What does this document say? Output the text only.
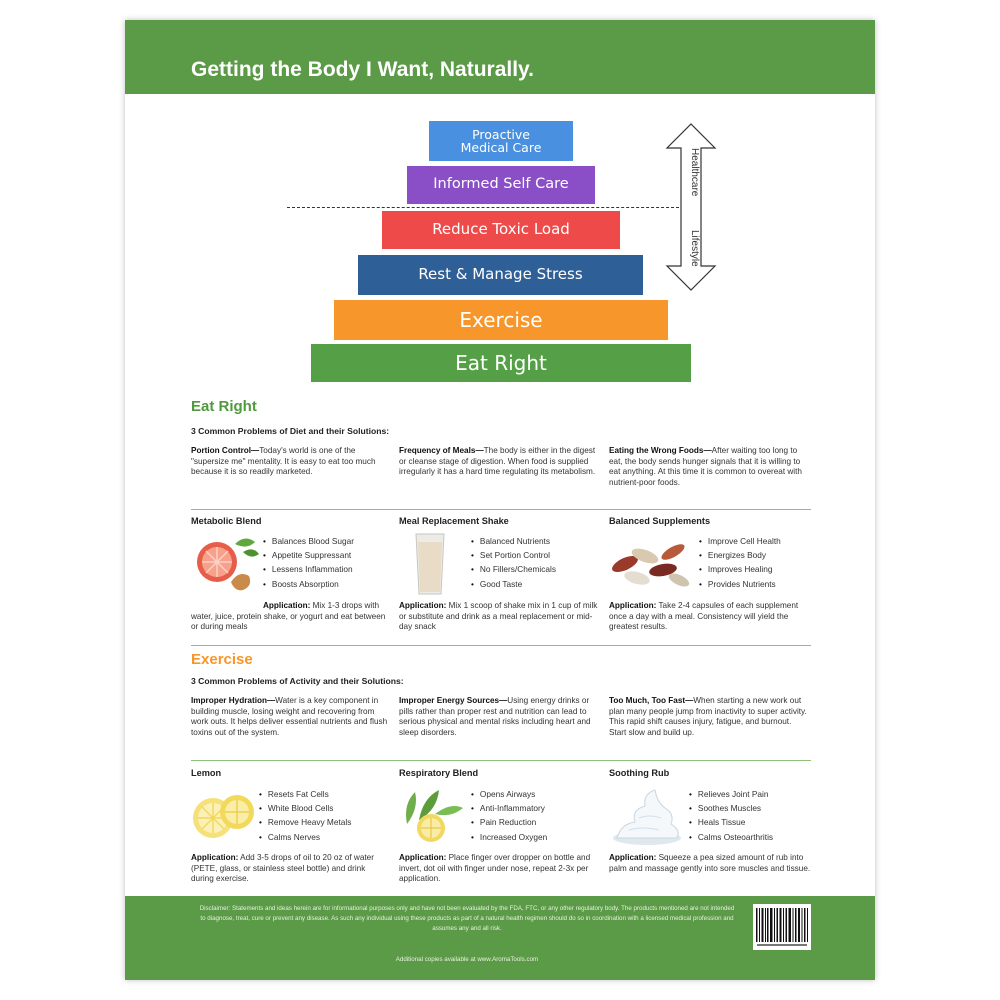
Getting the Body I Want, Naturally.
Proactive
Medical Care
Informed Self Care
Reduce Toxic Load
Rest & Manage Stress
Exercise
Eat Right
Healthcare
Lifestyle
Eat Right
3 Common Problems of Diet and their Solutions:
Portion Control—Today's world is one of the "supersize me" mentality. It is easy to eat too much because it is so readily marketed.
Frequency of Meals—The body is either in the digest or cleanse stage of digestion. When food is supplied irregularly it has a hard time regulating its metabolism.
Eating the Wrong Foods—After waiting too long to eat, the body sends hunger signals that it is willing to eat anything. At this time it is common to overeat with nutrient-poor foods.
Metabolic Blend
• Balances Blood Sugar
• Appetite Suppressant
• Lessens Inflammation
• Boosts Absorption
Application: Mix 1-3 drops with water, juice, protein shake, or yogurt and eat between or during meals
Meal Replacement Shake
• Balanced Nutrients
• Set Portion Control
• No Fillers/Chemicals
• Good Taste
Application: Mix 1 scoop of shake mix in 1 cup of milk or substitute and drink as a meal replacement or mid-day snack
Balanced Supplements
• Improve Cell Health
• Energizes Body
• Improves Healing
• Provides Nutrients
Application: Take 2-4 capsules of each supplement once a day with a meal. Consistency will yield the greatest results.
Exercise
3 Common Problems of Activity and their Solutions:
Improper Hydration—Water is a key component in building muscle, losing weight and recovering from work outs. It helps deliver essential nutrients and flush toxins out of the system.
Improper Energy Sources—Using energy drinks or pills rather than proper rest and nutrition can lead to serious physical and mental risks including heart and sleep disorders.
Too Much, Too Fast—When starting a new work out plan many people jump from inactivity to super activity. This rapid shift causes injury, fatigue, and burnout. Start slow and build up.
Lemon
• Resets Fat Cells
• White Blood Cells
• Remove Heavy Metals
• Calms Nerves
Application: Add 3-5 drops of oil to 20 oz of water (PETE, glass, or stainless steel bottle) and drink during exercise.
Respiratory Blend
• Opens Airways
• Anti-Inflammatory
• Pain Reduction
• Increased Oxygen
Application: Place finger over dropper on bottle and invert, dot oil with finger under nose, repeat 2-3x per application.
Soothing Rub
• Relieves Joint Pain
• Soothes Muscles
• Heals Tissue
• Calms Osteoarthritis
Application: Squeeze a pea sized amount of rub into palm and massage gently into sore muscles and tissue.
Disclaimer: Statements and ideas herein are for informational purposes only and have not been evaluated by the FDA, FTC, or any other regulatory body. The products mentioned are not intended to diagnose, treat, cure or prevent any disease. As such any individual using these products as part of a natural health regimen should do so in coordination with a licensed medical profession and assumes any and all risk.
Additional copies available at www.AromaTools.com
